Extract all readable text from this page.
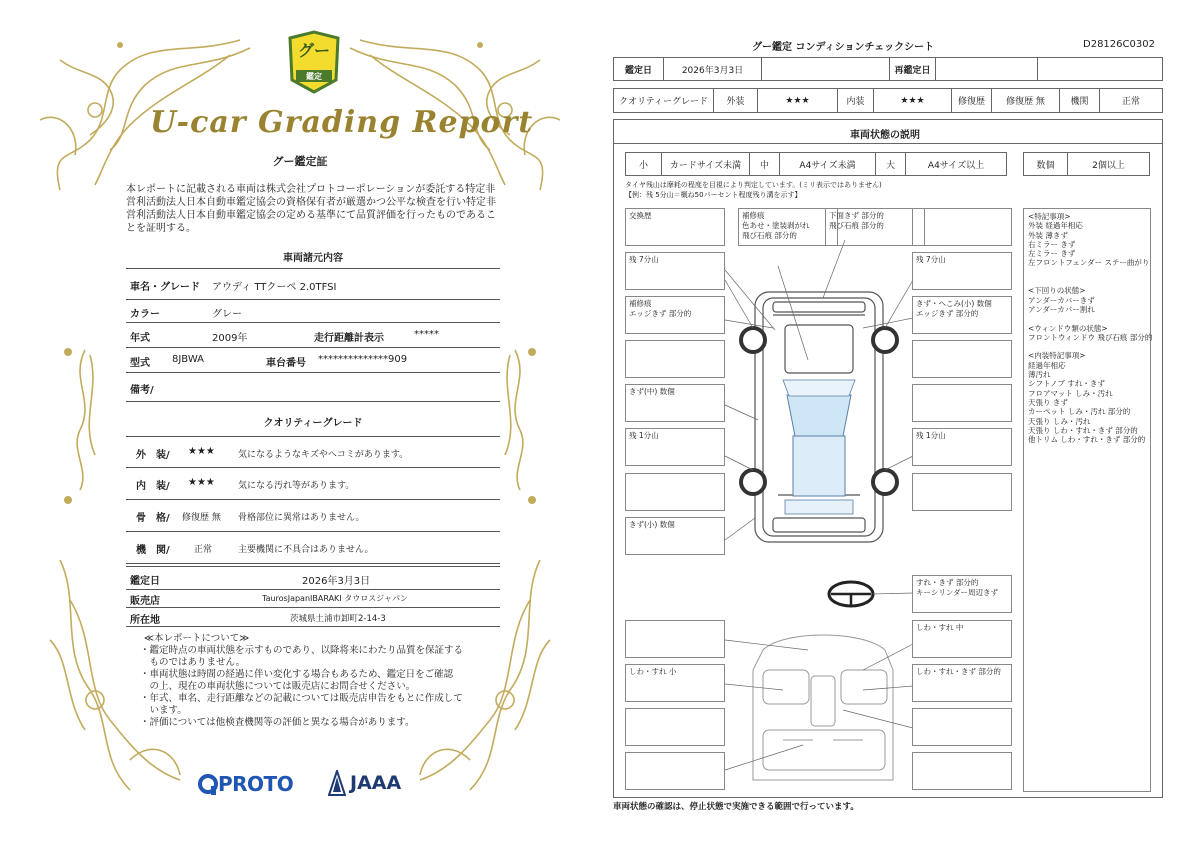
グー
鑑定
U-car Grading Report
グー鑑定証
本レポートに記載される車両は株式会社プロトコーポレーションが委託する特定非営利活動法人日本自動車鑑定協会の資格保有者が厳選かつ公平な検査を行い特定非営利活動法人日本自動車鑑定協会の定める基準にて品質評価を行ったものであることを証明する。
車両諸元内容
車名・グレード アウディ TTクーペ 2.0TFSI
カラー	グレー
年式	2009年	走行距離計表示	*****
型式 8JBWA	車台番号 **************909
備考/
クオリティーグレード
外　装/ ★★★	気になるようなキズやヘコミがあります。
内　装/ ★★★	気になる汚れ等があります。
骨　格/ 修復歴 無 骨格部位に異常はありません。
機　関/	正常	主要機関に不具合はありません。
鑑定日	2026年3月3日
販売店	TaurosJapanIBARAKI タウロスジャパン
所在地	茨城県土浦市卸町2-14-3
≪本レポートについて≫
・鑑定時点の車両状態を示すものであり、以降将来にわたり品質を保証する
　ものではありません。
・車両状態は時間の経過に伴い変化する場合もあるため、鑑定日をご確認
　の上、現在の車両状態については販売店にお問合せください。
・年式、車名、走行距離などの記載については販売店申告をもとに作成して
　います。
・評価については他検査機関等の評価と異なる場合があります。
PROTO	JAAA
グー鑑定 コンディションチェックシート	D28126C0302
鑑定日	2026年3月3日	再鑑定日
クオリティーグレード	外装	★★★	内装	★★★	修復歴	修復歴 無	機関	正常
車両状態の説明
小	カードサイズ未満	中	A4サイズ未満	大	A4サイズ以上	数個	2個以上
タイヤ残山は摩耗の程度を目視により判定しています。(ミリ表示ではありません)
【例：残 5分山＝概ね50パーセント程度残り溝を示す】
交換歴	補修痕
色あせ・塗装剥がれ
飛び石痕 部分的
下面きず 部分的
飛び石痕 部分的
残 7分山	残 7分山
補修痕
エッジきず 部分的
きず・へこみ(小) 数個
エッジきず 部分的
きず(中) 数個
残 1分山	残 1分山
きず(小) 数個
すれ・きず 部分的
キーシリンダー周辺きず
しわ・すれ 中
しわ・すれ 小	しわ・すれ・きず 部分的
<特記事項>
外装 経過年相応
外装 薄きず
右ミラー きず
左ミラー きず
左フロントフェンダー ステー曲がり
<下回りの状態>
アンダーカバーきず
アンダーカバー割れ
<ウィンドウ類の状態>
フロントウィンドウ 飛び石痕 部分的
<内装特記事項>
経過年相応
薄汚れ
シフトノブ すれ・きず
フロアマット しみ・汚れ
天張り きず
カーペット しみ・汚れ 部分的
天張り しみ・汚れ
天張り しわ・すれ・きず 部分的
他トリム しわ・すれ・きず 部分的
車両状態の確認は、停止状態で実施できる範囲で行っています。
